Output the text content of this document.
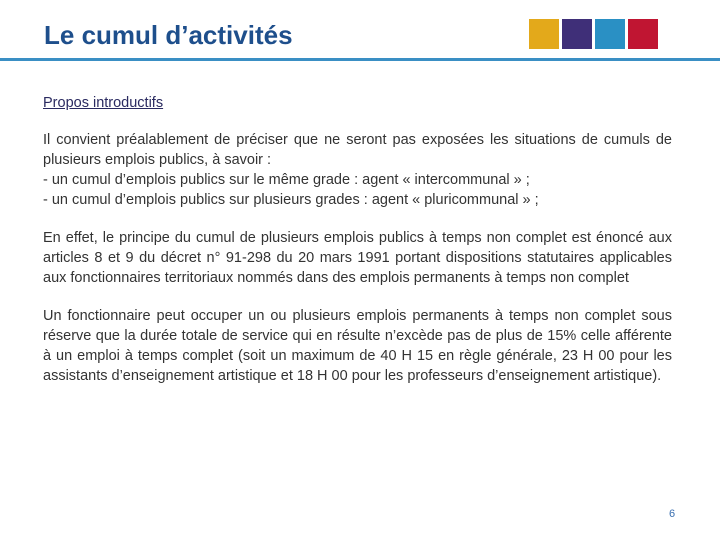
Le cumul d’activités
Propos introductifs

Il convient préalablement de préciser que ne seront pas exposées les situations de cumuls de plusieurs emplois publics, à savoir :

- un cumul d’emplois publics sur le même grade : agent « intercommunal » ;

- un cumul d’emplois publics sur plusieurs grades : agent « pluricommunal » ;

En effet, le principe du cumul de plusieurs emplois publics à temps non complet est énoncé aux articles 8 et 9 du décret n° 91-298 du 20 mars 1991 portant dispositions statutaires applicables aux fonctionnaires territoriaux nommés dans des emplois permanents à temps non complet

Un fonctionnaire peut occuper un ou plusieurs emplois permanents à temps non complet sous réserve que la durée totale de service qui en résulte n’excède pas de plus de 15% celle afférente à un emploi à temps complet (soit un maximum de 40 H 15 en règle générale, 23 H 00 pour les assistants d’enseignement artistique et 18 H 00 pour les professeurs d’enseignement artistique).

6
